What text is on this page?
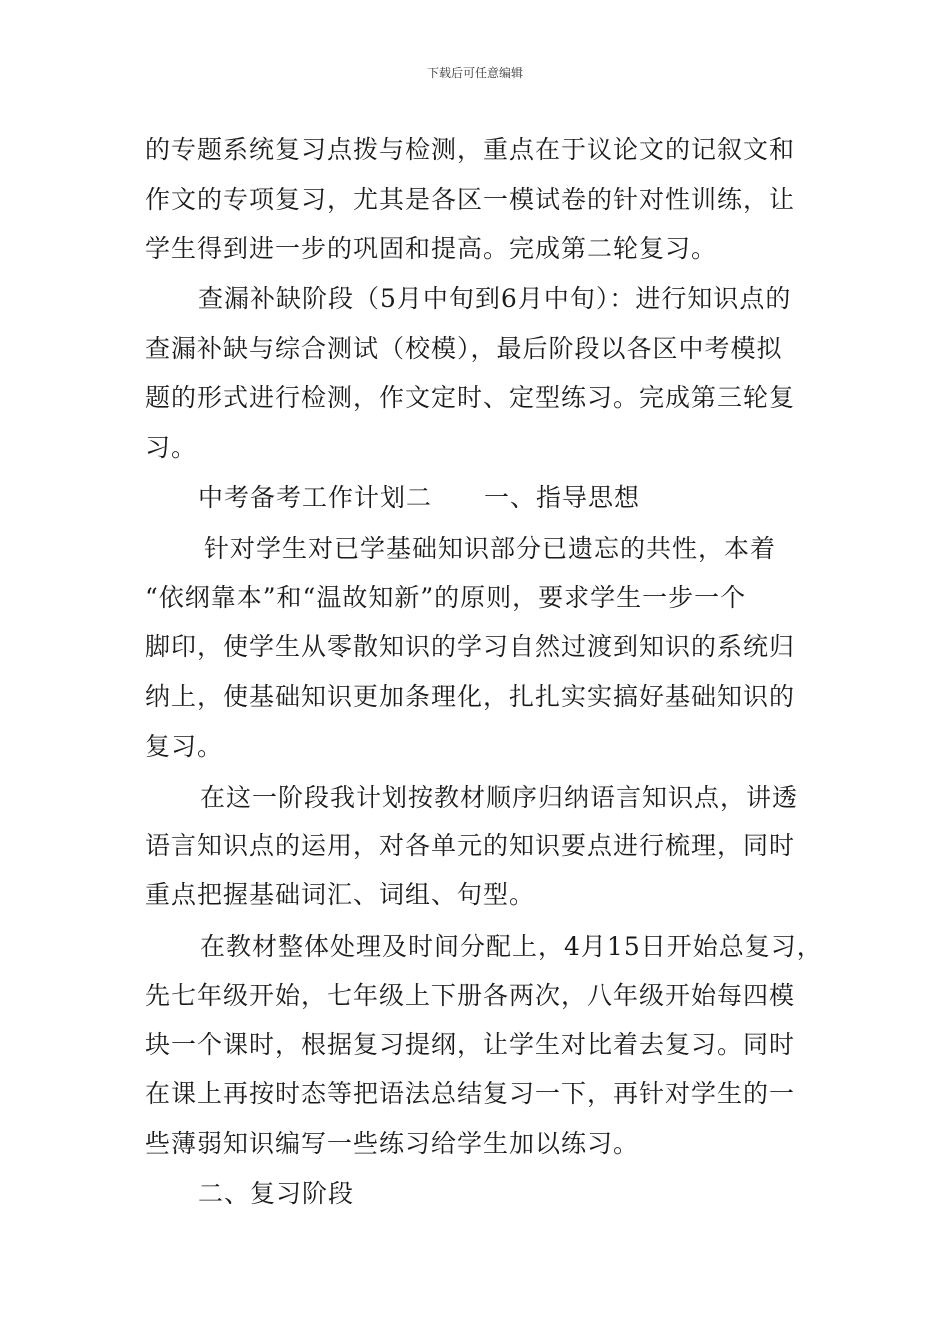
下载后可任意编辑
的专题系统复习点拨与检测，重点在于议论文的记叙文和
作文的专项复习，尤其是各区一模试卷的针对性训练，让
学生得到进一步的巩固和提高。完成第二轮复习。
查漏补缺阶段（5月中旬到6月中旬）：进行知识点的
查漏补缺与综合测试（校模），最后阶段以各区中考模拟
题的形式进行检测，作文定时、定型练习。完成第三轮复
习。
中考备考工作计划二　　一、指导思想
针对学生对已学基础知识部分已遗忘的共性，本着
“依纲靠本”和“温故知新”的原则，要求学生一步一个
脚印，使学生从零散知识的学习自然过渡到知识的系统归
纳上，使基础知识更加条理化，扎扎实实搞好基础知识的
复习。
在这一阶段我计划按教材顺序归纳语言知识点，讲透
语言知识点的运用，对各单元的知识要点进行梳理，同时
重点把握基础词汇、词组、句型。
在教材整体处理及时间分配上，4月15日开始总复习，
先七年级开始，七年级上下册各两次，八年级开始每四模
块一个课时，根据复习提纲，让学生对比着去复习。同时
在课上再按时态等把语法总结复习一下，再针对学生的一
些薄弱知识编写一些练习给学生加以练习。
二、复习阶段
